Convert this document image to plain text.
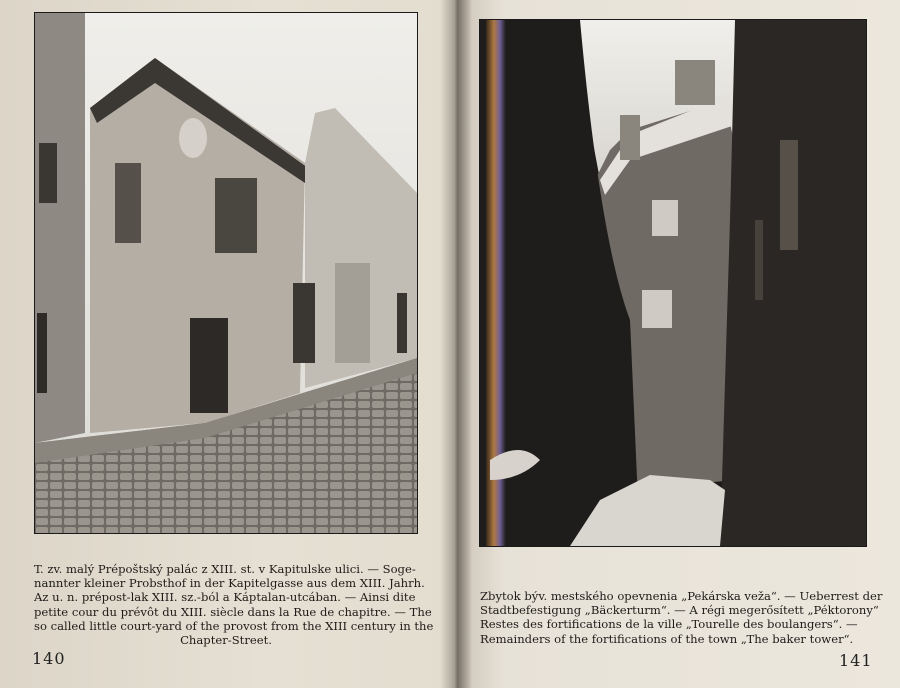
T. zv. malý Prépoštský palác z XIII. st. v Kapitulske ulici. — Soge-
nannter kleiner Probsthof in der Kapitelgasse aus dem XIII. Jahrh.
Az u. n. prépost-lak XIII. sz.-ból a Káptalan-utcában. — Ainsi dite
petite cour du prévôt du XIII. siècle dans la Rue de chapitre. — The
so called little court-yard of the provost from the XIII century in the
Chapter-Street.
140
Zbytok býv. mestského opevnenia „Pekárska veža“. — Ueberrest der
Stadtbefestigung „Bäckerturm“. — A régi megerősített „Péktorony“
Restes des fortifications de la ville „Tourelle des boulangers“. —
Remainders of the fortifications of the town „The baker tower“.
141
